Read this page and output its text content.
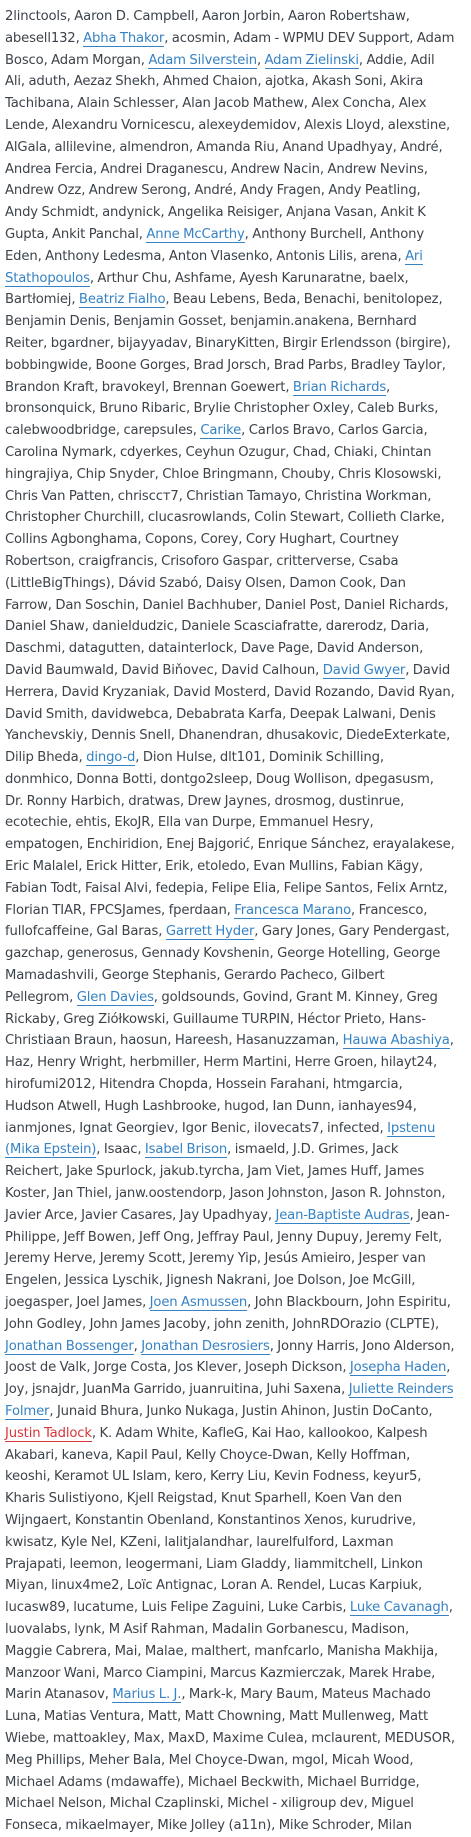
2linctools, Aaron D. Campbell, Aaron Jorbin, Aaron Robertshaw, abesell132, Abha Thakor, acosmin, Adam - WPMU DEV Support, Adam Bosco, Adam Morgan, Adam Silverstein, Adam Zielinski, Addie, Adil Ali, aduth, Aezaz Shekh, Ahmed Chaion, ajotka, Akash Soni, Akira Tachibana, Alain Schlesser, Alan Jacob Mathew, Alex Concha, Alex Lende, Alexandru Vornicescu, alexeydemidov, Alexis Lloyd, alexstine, AlGala, allilevine, almendron, Amanda Riu, Anand Upadhyay, André, Andrea Fercia, Andrei Draganescu, Andrew Nacin, Andrew Nevins, Andrew Ozz, Andrew Serong, André, Andy Fragen, Andy Peatling, Andy Schmidt, andynick, Angelika Reisiger, Anjana Vasan, Ankit K Gupta, Ankit Panchal, Anne McCarthy, Anthony Burchell, Anthony Eden, Anthony Ledesma, Anton Vlasenko, Antonis Lilis, arena, Ari Stathopoulos, Arthur Chu, Ashfame, Ayesh Karunaratne, baelx, Bartłomiej, Beatriz Fialho, Beau Lebens, Beda, Benachi, benitolopez, Benjamin Denis, Benjamin Gosset, benjamin.anakena, Bernhard Reiter, bgardner, bijayyadav, BinaryKitten, Birgir Erlendsson (birgire), bobbingwide, Boone Gorges, Brad Jorsch, Brad Parbs, Bradley Taylor, Brandon Kraft, bravokeyl, Brennan Goewert, Brian Richards, bronsonquick, Bruno Ribaric, Brylie Christopher Oxley, Caleb Burks, calebwoodbridge, carepsules, Carike, Carlos Bravo, Carlos Garcia, Carolina Nymark, cdyerkes, Ceyhun Ozugur, Chad, Chiaki, Chintan hingrajiya, Chip Snyder, Chloe Bringmann, Chouby, Chris Klosowski, Chris Van Patten, chrisccт7, Christian Tamayo, Christina Workman, Christopher Churchill, clucasrowlands, Colin Stewart, Collieth Clarke, Collins Agbonghama, Copons, Corey, Cory Hughart, Courtney Robertson, craigfrancis, Crisoforo Gaspar, critterverse, Csaba (LittleBigThings), Dávid Szabó, Daisy Olsen, Damon Cook, Dan Farrow, Dan Soschin, Daniel Bachhuber, Daniel Post, Daniel Richards, Daniel Shaw, danieldudzic, Daniele Scasciafratte, darerodz, Daria, Daschmi, datagutten, datainterlock, Dave Page, David Anderson, David Baumwald, David Biňovec, David Calhoun, David Gwyer, David Herrera, David Kryzaniak, David Mosterd, David Rozando, David Ryan, David Smith, davidwebca, Debabrata Karfa, Deepak Lalwani, Denis Yanchevskiy, Dennis Snell, Dhanendran, dhusakovic, DiedeExterkate, Dilip Bheda, dingo-d, Dion Hulse, dlt101, Dominik Schilling, donmhico, Donna Botti, dontgo2sleep, Doug Wollison, dpegasusm, Dr. Ronny Harbich, dratwas, Drew Jaynes, drosmog, dustinrue, ecotechie, ehtis, EkoJR, Ella van Durpe, Emmanuel Hesry, empatogen, Enchiridion, Enej Bajgorić, Enrique Sánchez, erayalakese, Eric Malalel, Erick Hitter, Erik, etoledo, Evan Mullins, Fabian Kägy, Fabian Todt, Faisal Alvi, fedepia, Felipe Elia, Felipe Santos, Felix Arntz, Florian TIAR, FPCSJames, fperdaan, Francesca Marano, Francesco, fullofcaffeine, Gal Baras, Garrett Hyder, Gary Jones, Gary Pendergast, gazchap, generosus, Gennady Kovshenin, George Hotelling, George Mamadashvili, George Stephanis, Gerardo Pacheco, Gilbert Pellegrom, Glen Davies, goldsounds, Govind, Grant M. Kinney, Greg Rickaby, Greg Ziółkowski, Guillaume TURPIN, Héctor Prieto, Hans-Christiaan Braun, haosun, Hareesh, Hasanuzzaman, Hauwa Abashiya, Haz, Henry Wright, herbmiller, Herm Martini, Herre Groen, hilayt24, hirofumi2012, Hitendra Chopda, Hossein Farahani, htmgarcia, Hudson Atwell, Hugh Lashbrooke, hugod, Ian Dunn, ianhayes94, ianmjones, Ignat Georgiev, Igor Benic, ilovecats7, infected, Ipstenu (Mika Epstein), Isaac, Isabel Brison, ismaeld, J.D. Grimes, Jack Reichert, Jake Spurlock, jakub.tyrcha, Jam Viet, James Huff, James Koster, Jan Thiel, janw.oostendorp, Jason Johnston, Jason R. Johnston, Javier Arce, Javier Casares, Jay Upadhyay, Jean-Baptiste Audras, Jean-Philippe, Jeff Bowen, Jeff Ong, Jeffray Paul, Jenny Dupuy, Jeremy Felt, Jeremy Herve, Jeremy Scott, Jeremy Yip, Jesús Amieiro, Jesper van Engelen, Jessica Lyschik, Jignesh Nakrani, Joe Dolson, Joe McGill, joegasper, Joel James, Joen Asmussen, John Blackbourn, John Espiritu, John Godley, John James Jacoby, john zenith, JohnRDOrazio (CLPTE), Jonathan Bossenger, Jonathan Desrosiers, Jonny Harris, Jono Alderson, Joost de Valk, Jorge Costa, Jos Klever, Joseph Dickson, Josepha Haden, Joy, jsnajdr, JuanMa Garrido, juanruitina, Juhi Saxena, Juliette Reinders Folmer, Junaid Bhura, Junko Nukaga, Justin Ahinon, Justin DoCanto, Justin Tadlock, K. Adam White, KafleG, Kai Hao, kallookoo, Kalpesh Akabari, kaneva, Kapil Paul, Kelly Choyce-Dwan, Kelly Hoffman, keoshi, Keramot UL Islam, kero, Kerry Liu, Kevin Fodness, keyur5, Kharis Sulistiyono, Kjell Reigstad, Knut Sparhell, Koen Van den Wijngaert, Konstantin Obenland, Konstantinos Xenos, kurudrive, kwisatz, Kyle Nel, KZeni, lalitjalandhar, laurelfulford, Laxman Prajapati, leemon, leogermani, Liam Gladdy, liammitchell, Linkon Miyan, linux4me2, Loïc Antignac, Loran A. Rendel, Lucas Karpiuk, lucasw89, lucatume, Luis Felipe Zaguini, Luke Carbis, Luke Cavanagh, luovalabs, lynk, M Asif Rahman, Madalin Gorbanescu, Madison, Maggie Cabrera, Mai, Malae, malthert, manfcarlo, Manisha Makhija, Manzoor Wani, Marco Ciampini, Marcus Kazmierczak, Marek Hrabe, Marin Atanasov, Marius L. J., Mark-k, Mary Baum, Mateus Machado Luna, Matias Ventura, Matt, Matt Chowning, Matt Mullenweg, Matt Wiebe, mattoakley, Max, MaxD, Maxime Culea, mclaurent, MEDUSOR, Meg Phillips, Meher Bala, Mel Choyce-Dwan, mgol, Micah Wood, Michael Adams (mdawaffe), Michael Beckwith, Michael Burridge, Michael Nelson, Michal Czaplinski, Michel - xiligroup dev, Miguel Fonseca, mikaelmayer, Mike Jolley (a11n), Mike Schroder, Milan
